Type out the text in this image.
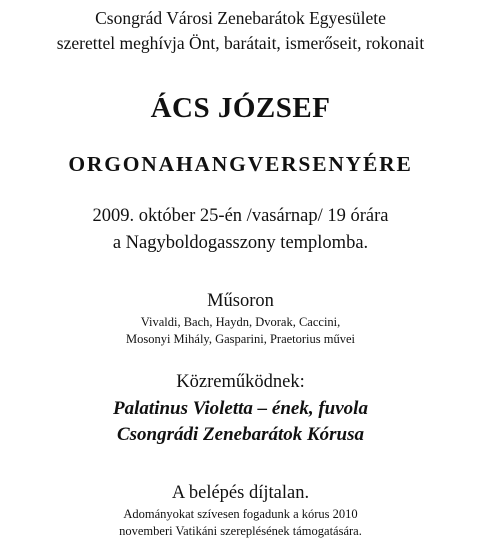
Csongrád Városi Zenebarátok Egyesülete
szerettel meghívja Önt, barátait, ismerőseit, rokonait
ÁCS JÓZSEF
ORGONAHANGVERSENYÉRE
2009. október 25-én /vasárnap/ 19 órára
a Nagyboldogasszony templomba.
Műsoron
Vivaldi, Bach, Haydn, Dvorak, Caccini,
Mosonyi Mihály, Gasparini, Praetorius művei
Közreműködnek:
Palatinus Violetta – ének, fuvola
Csongrádi Zenebarátok Kórusa
A belépés díjtalan.
Adományokat szívesen fogadunk a kórus 2010
novemberi Vatikáni szereplésének támogatására.
